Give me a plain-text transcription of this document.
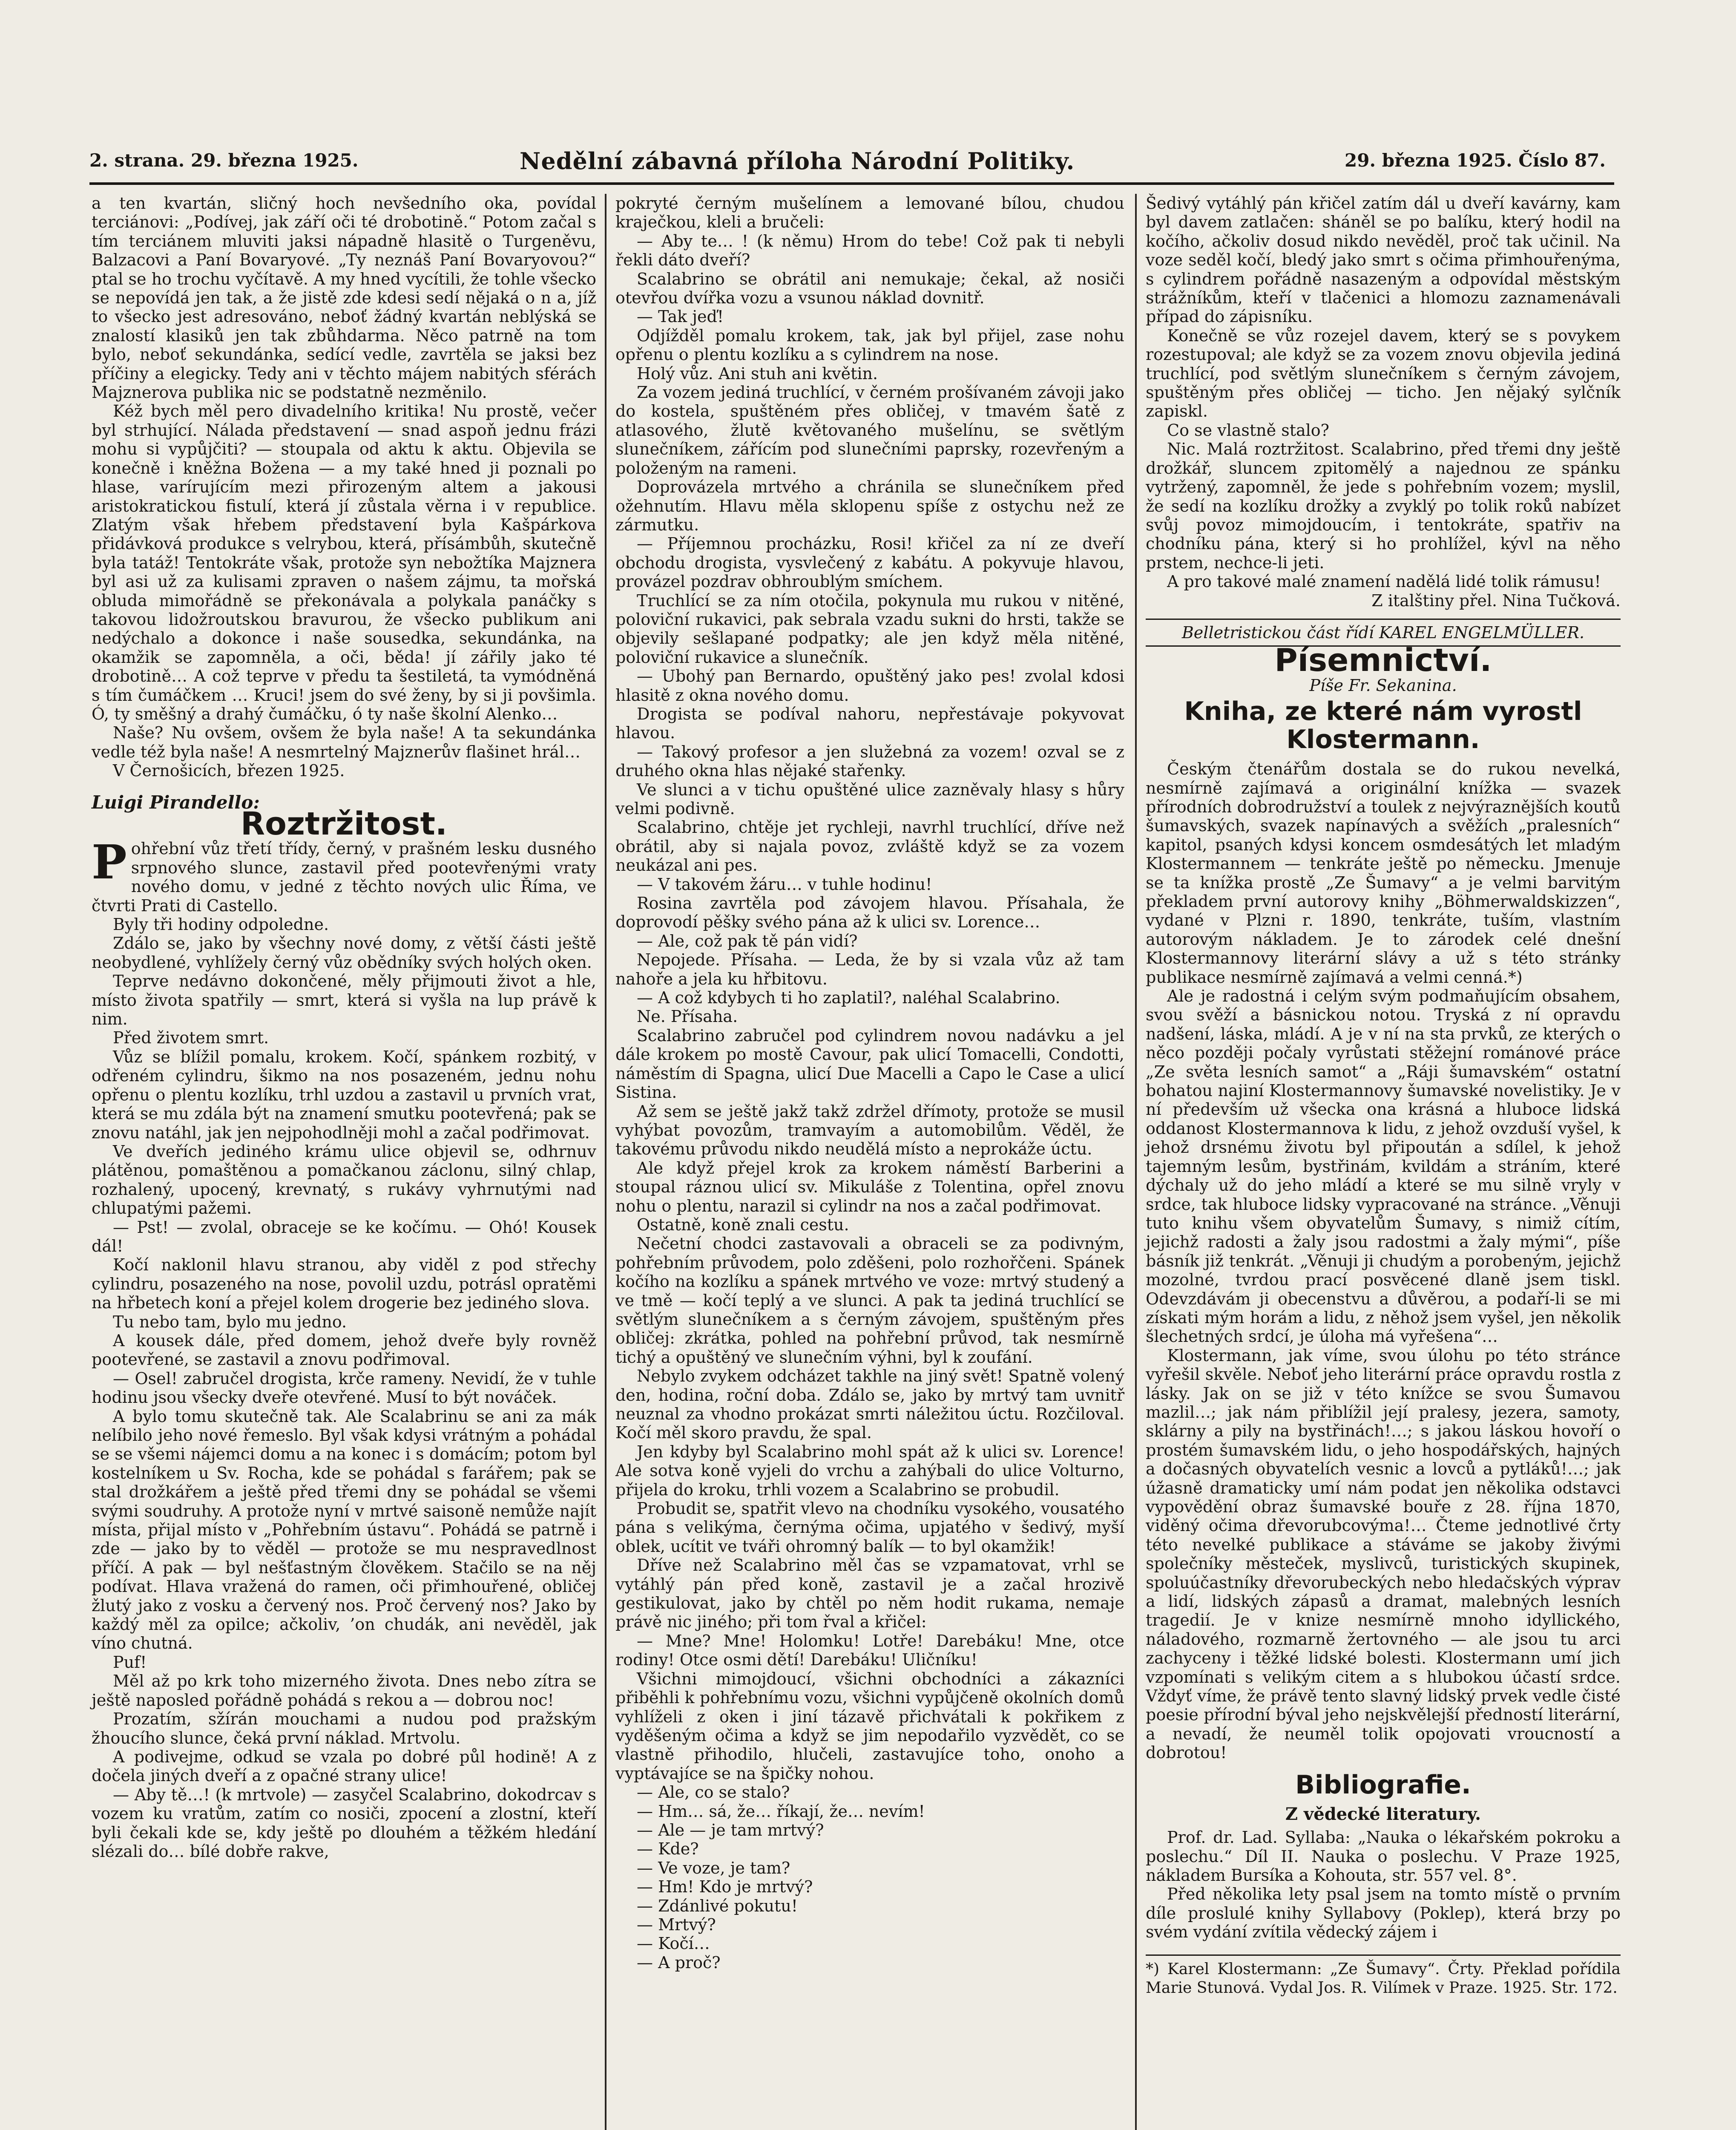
2. strana. 29. března 1925.	Nedělní zábavná příloha Národní Politiky.	29. března 1925. Číslo 87.

a ten kvartán, sličný hoch nevšedního oka, povídal terciánovi: „Podívej, jak září oči té drobotině.“ Potom začal s tím terciánem mluviti jaksi nápadně hlasitě o Turgeněvu, Balzacovi a Paní Bovaryové. „Ty neznáš Paní Bovaryovou?“ ptal se ho trochu vyčítavě. A my hned vycítili, že tohle všecko se nepovídá jen tak, a že jistě zde kdesi sedí nějaká o n a, jíž to všecko jest adresováno, neboť žádný kvartán neblýská se znalostí klasiků jen tak zbůhdarma. Něco patrně na tom bylo, neboť sekundánka, sedící vedle, zavrtěla se jaksi bez příčiny a elegicky. Tedy ani v těchto májem nabitých sférách Majznerova publika nic se podstatně nezměnilo.

Kéž bych měl pero divadelního kritika! Nu prostě, večer byl strhující. Nálada představení — snad aspoň jednu frázi mohu si vypůjčiti? — stoupala od aktu k aktu. Objevila se konečně i kněžna Božena — a my také hned ji poznali po hlase, varírujícím mezi přirozeným altem a jakousi aristokratickou fistulí, která jí zůstala věrna i v republice. Zlatým však hřebem představení byla Kašpárkova přidávková produkce s velrybou, která, přísámbůh, skutečně byla tatáž! Tentokráte však, protože syn nebožtíka Majznera byl asi už za kulisami zpraven o našem zájmu, ta mořská obluda mimořádně se překonávala a polykala panáčky s takovou lidožroutskou bravurou, že všecko publikum ani nedýchalo a dokonce i naše sousedka, sekundánka, na okamžik se zapomněla, a oči, běda! jí zářily jako té drobotině… A což teprve v předu ta šestiletá, ta vymódněná s tím čumáčkem … Kruci! jsem do své ženy, by si ji povšimla. Ó, ty směšný a drahý čumáčku, ó ty naše školní Alenko…

Naše? Nu ovšem, ovšem že byla naše! A ta sekundánka vedle též byla naše! A nesmrtelný Majznerův flašinet hrál…

V Černošicích, březen 1925.

Luigi Pirandello:
Roztržitost.

Pohřební vůz třetí třídy, černý, v prašném lesku dusného srpnového slunce, zastavil před pootevřenými vraty nového domu, v jedné z těchto nových ulic Říma, ve čtvrti Prati di Castello.

Byly tři hodiny odpoledne.

Zdálo se, jako by všechny nové domy, z větší části ještě neobydlené, vyhlížely černý vůz obědníky svých holých oken.

Teprve nedávno dokončené, měly přijmouti život a hle, místo života spatřily — smrt, která si vyšla na lup právě k nim.

Před životem smrt.

Vůz se blížil pomalu, krokem. Kočí, spánkem rozbitý, v odřeném cylindru, šikmo na nos posazeném, jednu nohu opřenu o plentu kozlíku, trhl uzdou a zastavil u prvních vrat, která se mu zdála být na znamení smutku pootevřená; pak se znovu natáhl, jak jen nejpohodlněji mohl a začal podřimovat.

Ve dveřích jediného krámu ulice objevil se, odhrnuv plátěnou, pomaštěnou a pomačkanou záclonu, silný chlap, rozhalený, upocený, krevnatý, s rukávy vyhrnutými nad chlupatými pažemi.

— Pst! — zvolal, obraceje se ke kočímu. — Ohó! Kousek dál!

Kočí naklonil hlavu stranou, aby viděl z pod střechy cylindru, posazeného na nose, povolil uzdu, potrásl opratěmi na hřbetech koní a přejel kolem drogerie bez jediného slova.

Tu nebo tam, bylo mu jedno.

A kousek dále, před domem, jehož dveře byly rovněž pootevřené, se zastavil a znovu podřimoval.

— Osel! zabručel drogista, krče rameny. Nevidí, že v tuhle hodinu jsou všecky dveře otevřené. Musí to být nováček.

A bylo tomu skutečně tak. Ale Scalabrinu se ani za mák nelíbilo jeho nové řemeslo. Byl však kdysi vrátným a pohádal se se všemi nájemci domu a na konec i s domácím; potom byl kostelníkem u Sv. Rocha, kde se pohádal s farářem; pak se stal drožkářem a ještě před třemi dny se pohádal se všemi svými soudruhy. A protože nyní v mrtvé saisoně nemůže najít místa, přijal místo v „Pohřebním ústavu“. Pohádá se patrně i zde — jako by to věděl — protože se mu nespravedlnost příčí. A pak — byl nešťastným člověkem. Stačilo se na něj podívat. Hlava vražená do ramen, oči přimhouřené, obličej žlutý jako z vosku a červený nos. Proč červený nos? Jako by každý měl za opilce; ačkoliv, ’on chudák, ani nevěděl, jak víno chutná.

Puf!

Měl až po krk toho mizerného života. Dnes nebo zítra se ještě naposled pořádně pohádá s rekou a — dobrou noc!

Prozatím, sžírán mouchami a nudou pod pražským žhoucího slunce, čeká první náklad. Mrtvolu.

A podivejme, odkud se vzala po dobré půl hodině! A z dočela jiných dveří a z opačné strany ulice!

— Aby tě…! (k mrtvole) — zasyčel Scalabrino, dokodrcav s vozem ku vratům, zatím co nosiči, zpocení a zlostní, kteří byli čekali kde se, kdy ještě po dlouhém a těžkém hledání slézali do… bílé dobře rakve,

pokryté černým mušelínem a lemované bílou, chudou kraječkou, kleli a bručeli:

— Aby te… ! (k němu) Hrom do tebe! Což pak ti nebyli řekli dáto dveří?

Scalabrino se obrátil ani nemukaje; čekal, až nosiči otevřou dvířka vozu a vsunou náklad dovnitř.

— Tak jeď!

Odjížděl pomalu krokem, tak, jak byl přijel, zase nohu opřenu o plentu kozlíku a s cylindrem na nose.

Holý vůz. Ani stuh ani květin.

Za vozem jediná truchlící, v černém prošívaném závoji jako do kostela, spuštěném přes obličej, v tmavém šatě z atlasového, žlutě květovaného mušelínu, se světlým slunečníkem, zářícím pod slunečními paprsky, rozevřeným a položeným na rameni.

Doprovázela mrtvého a chránila se slunečníkem před ožehnutím. Hlavu měla sklopenu spíše z ostychu než ze zármutku.

— Příjemnou procházku, Rosi! křičel za ní ze dveří obchodu drogista, vysvlečený z kabátu. A pokyvuje hlavou, provázel pozdrav obhroublým smíchem.

Truchlící se za ním otočila, pokynula mu rukou v nitěné, poloviční rukavici, pak sebrala vzadu sukni do hrsti, takže se objevily sešlapané podpatky; ale jen když měla nitěné, poloviční rukavice a slunečník.

— Ubohý pan Bernardo, opuštěný jako pes! zvolal kdosi hlasitě z okna nového domu.

Drogista se podíval nahoru, nepřestávaje pokyvovat hlavou.

— Takový profesor a jen služebná za vozem! ozval se z druhého okna hlas nějaké stařenky.

Ve slunci a v tichu opuštěné ulice zazněvaly hlasy s hůry velmi podivně.

Scalabrino, chtěje jet rychleji, navrhl truchlící, dříve než obrátil, aby si najala povoz, zvláště když se za vozem neukázal ani pes.

— V takovém žáru… v tuhle hodinu!

Rosina zavrtěla pod závojem hlavou. Přísahala, že doprovodí pěšky svého pána až k ulici sv. Lorence…

— Ale, což pak tě pán vidí?

Nepojede. Přísaha. — Leda, že by si vzala vůz až tam nahoře a jela ku hřbitovu.

— A což kdybych ti ho zaplatil?, naléhal Scalabrino.

Ne. Přísaha.

Scalabrino zabručel pod cylindrem novou nadávku a jel dále krokem po mostě Cavour, pak ulicí Tomacelli, Condotti, náměstím di Spagna, ulicí Due Macelli a Capo le Case a ulicí Sistina.

Až sem se ještě jakž takž zdržel dřímoty, protože se musil vyhýbat povozům, tramvayím a automobilům. Věděl, že takovému průvodu nikdo neudělá místo a neprokáže úctu.

Ale když přejel krok za krokem náměstí Barberini a stoupal ráznou ulicí sv. Mikuláše z Tolentina, opřel znovu nohu o plentu, narazil si cylindr na nos a začal podřimovat.

Ostatně, koně znali cestu.

Nečetní chodci zastavovali a obraceli se za podivným, pohřebním průvodem, polo zděšeni, polo rozhořčeni. Spánek kočího na kozlíku a spánek mrtvého ve voze: mrtvý studený a ve tmě — kočí teplý a ve slunci. A pak ta jediná truchlící se světlým slunečníkem a s černým závojem, spuštěným přes obličej: zkrátka, pohled na pohřební průvod, tak nesmírně tichý a opuštěný ve slunečním výhni, byl k zoufání.

Nebylo zvykem odcházet takhle na jiný svět! Spatně volený den, hodina, roční doba. Zdálo se, jako by mrtvý tam uvnitř neuznal za vhodno prokázat smrti náležitou úctu. Rozčiloval. Kočí měl skoro pravdu, že spal.

Jen kdyby byl Scalabrino mohl spát až k ulici sv. Lorence! Ale sotva koně vyjeli do vrchu a zahýbali do ulice Volturno, přijela do kroku, trhli vozem a Scalabrino se probudil.

Probudit se, spatřit vlevo na chodníku vysokého, vousatého pána s velikýma, černýma očima, upjatého v šedivý, myší oblek, ucítit ve tváři ohromný balík — to byl okamžik!

Dříve než Scalabrino měl čas se vzpamatovat, vrhl se vytáhlý pán před koně, zastavil je a začal hrozivě gestikulovat, jako by chtěl po něm hodit rukama, nemaje právě nic jiného; při tom řval a křičel:

— Mne? Mne! Holomku! Lotře! Darebáku! Mne, otce rodiny! Otce osmi dětí! Darebáku! Uličníku!

Všichni mimojdoucí, všichni obchodníci a zákazníci přiběhli k pohřebnímu vozu, všichni vypůjčeně okolních domů vyhlíželi z oken i jiní tázavě přichvátali k pokřikem z vyděšeným očima a když se jim nepodařilo vyzvědět, co se vlastně přihodilo, hlučeli, zastavujíce toho, onoho a vyptávajíce se na špičky nohou.

— Ale, co se stalo?

— Hm… sá, že… říkají, že… nevím!

— Ale — je tam mrtvý?

— Kde?

— Ve voze, je tam?

— Hm! Kdo je mrtvý?

— Zdánlivé pokutu!

— Mrtvý?

— Kočí…

— A proč?

Šedivý vytáhlý pán křičel zatím dál u dveří kavárny, kam byl davem zatlačen: sháněl se po balíku, který hodil na kočího, ačkoliv dosud nikdo nevěděl, proč tak učinil. Na voze seděl kočí, bledý jako smrt s očima přimhouřenýma, s cylindrem pořádně nasazeným a odpovídal městským strážníkům, kteří v tlačenici a hlomozu zaznamenávali případ do zápisníku.

Konečně se vůz rozejel davem, který se s povykem rozestupoval; ale když se za vozem znovu objevila jediná truchlící, pod světlým slunečníkem s černým závojem, spuštěným přes obličej — ticho. Jen nějaký sylčník zapiskl.

Co se vlastně stalo?

Nic. Malá roztržitost. Scalabrino, před třemi dny ještě drožkář, sluncem zpitomělý a najednou ze spánku vytržený, zapomněl, že jede s pohřebním vozem; myslil, že sedí na kozlíku drožky a zvyklý po tolik roků nabízet svůj povoz mimojdoucím, i tentokráte, spatřiv na chodníku pána, který si ho prohlížel, kývl na něho prstem, nechce-li jeti.

A pro takové malé znamení nadělá lidé tolik rámusu!

Z italštiny přel. Nina Tučková.
Belletristickou část řídí KAREL ENGELMÜLLER.
Písemnictví.
Píše Fr. Sekanina.
Kniha, ze které nám vyrostl Klostermann.

Českým čtenářům dostala se do rukou nevelká, nesmírně zajímavá a originální knížka — svazek přírodních dobrodružství a toulek z nejvýraznějších koutů šumavských, svazek napínavých a svěžích „pralesních“ kapitol, psaných kdysi koncem osmdesátých let mladým Klostermannem — tenkráte ještě po německu. Jmenuje se ta knížka prostě „Ze Šumavy“ a je velmi barvitým překladem první autorovy knihy „Böhmerwaldskizzen“, vydané v Plzni r. 1890, tenkráte, tuším, vlastním autorovým nákladem. Je to zárodek celé dnešní Klostermannovy literární slávy a už s této stránky publikace nesmírně zajímavá a velmi cenná.*)

Ale je radostná i celým svým podmaňujícím obsahem, svou svěží a básnickou notou. Tryská z ní opravdu nadšení, láska, mládí. A je v ní na sta prvků, ze kterých o něco později počaly vyrůstati stěžejní románové práce „Ze světa lesních samot“ a „Ráji šumavském“ ostatní bohatou najiní Klostermannovy šumavské novelistiky. Je v ní především už všecka ona krásná a hluboce lidská oddanost Klostermannova k lidu, z jehož ovzduší vyšel, k jehož drsnému životu byl připoután a sdílel, k jehož tajemným lesům, bystřinám, kvildám a stráním, které dýchaly už do jeho mládí a které se mu silně vryly v srdce, tak hluboce lidsky vypracované na stránce. „Věnuji tuto knihu všem obyvatelům Šumavy, s nimiž cítím, jejichž radosti a žaly jsou radostmi a žaly mými“, píše básník již tenkrát. „Věnuji ji chudým a porobeným, jejichž mozolné, tvrdou prací posvěcené dlaně jsem tiskl. Odevzdávám ji obecenstvu a důvěrou, a podaří-li se mi získati mým horám a lidu, z něhož jsem vyšel, jen několik šlechetných srdcí, je úloha má vyřešena“…

Klostermann, jak víme, svou úlohu po této stránce vyřešil skvěle. Neboť jeho literární práce opravdu rostla z lásky. Jak on se již v této knížce se svou Šumavou mazlil…; jak nám přiblížil její pralesy, jezera, samoty, sklárny a pily na bystřinách!…; s jakou láskou hovoří o prostém šumavském lidu, o jeho hospodářských, hajných a dočasných obyvatelích vesnic a lovců a pytláků!…; jak úžasně dramaticky umí nám podat jen několika odstavci vypovědění obraz šumavské bouře z 28. října 1870, viděný očima dřevorubcovýma!… Čteme jednotlivé črty této nevelké publikace a stáváme se jakoby živými společníky městeček, myslivců, turistických skupinek, spoluúčastníky dřevorubeckých nebo hledačských výprav a lidí, lidských zápasů a dramat, malebných lesních tragedií. Je v knize nesmírně mnoho idyllického, náladového, rozmarně žertovného — ale jsou tu arci zachyceny i těžké lidské bolesti. Klostermann umí jich vzpomínati s velikým citem a s hlubokou účastí srdce. Vždyť víme, že právě tento slavný lidský prvek vedle čisté poesie přírodní býval jeho nejskvělejší předností literární, a nevadí, že neuměl tolik opojovati vroucností a dobrotou!

Bibliografie.
Z vědecké literatury.

Prof. dr. Lad. Syllaba: „Nauka o lékařském pokroku a poslechu.“ Díl II. Nauka o poslechu. V Praze 1925, nákladem Bursíka a Kohouta, str. 557 vel. 8°.

Před několika lety psal jsem na tomto místě o prvním díle proslulé knihy Syllabovy (Poklep), která brzy po svém vydání zvítila vědecký zájem i

*) Karel Klostermann: „Ze Šumavy“. Črty. Překlad pořídila Marie Stunová. Vydal Jos. R. Vilímek v Praze. 1925. Str. 172.
